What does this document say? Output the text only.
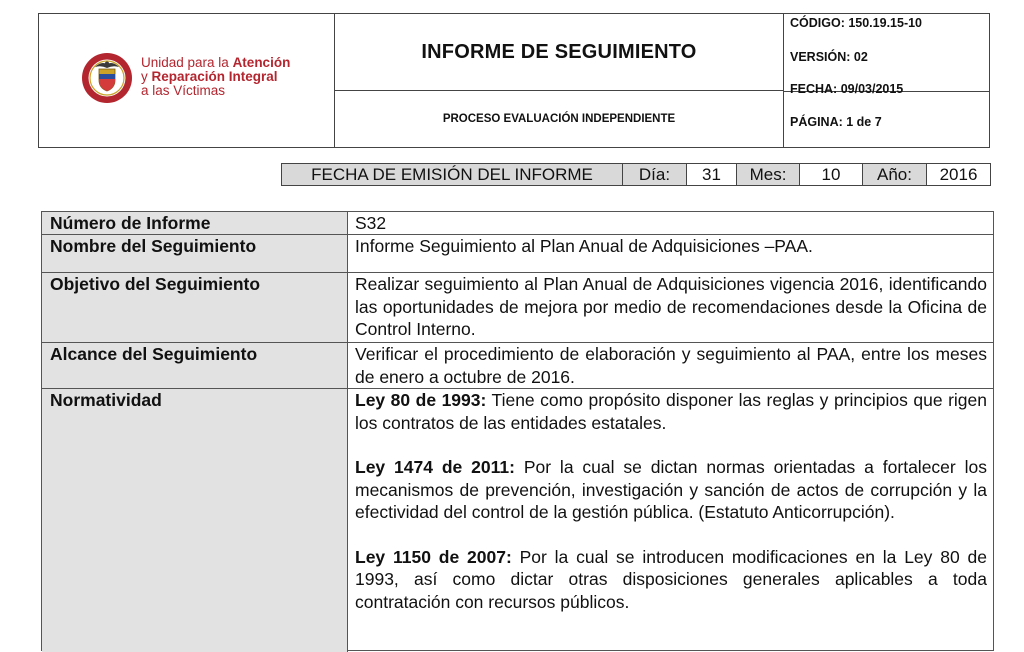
Unidad para la Atención
y Reparación Integral
a las Víctimas
INFORME DE SEGUIMIENTO
PROCESO EVALUACIÓN INDEPENDIENTE
CÓDIGO: 150.19.15-10
VERSIÓN: 02
FECHA: 09/03/2015
PÁGINA: 1 de 7
FECHA DE EMISIÓN DEL INFORME	Día:	31	Mes:	10	Año:	2016
Número de Informe	S32
Nombre del Seguimiento	Informe Seguimiento al Plan Anual de Adquisiciones –PAA.
Objetivo del Seguimiento	Realizar seguimiento al Plan Anual de Adquisiciones vigencia 2016, identificando las oportunidades de mejora por medio de recomendaciones desde la Oficina de Control Interno.
Alcance del Seguimiento	Verificar el procedimiento de elaboración y seguimiento al PAA, entre los meses de enero a octubre de 2016.
Normatividad	Ley 80 de 1993: Tiene como propósito disponer las reglas y principios que rigen los contratos de las entidades estatales.

Ley 1474 de 2011: Por la cual se dictan normas orientadas a fortalecer los mecanismos de prevención, investigación y sanción de actos de corrupción y la efectividad del control de la gestión pública. (Estatuto Anticorrupción).

Ley 1150 de 2007: Por la cual se introducen modificaciones en la Ley 80 de 1993, así como dictar otras disposiciones generales aplicables a toda contratación con recursos públicos.
